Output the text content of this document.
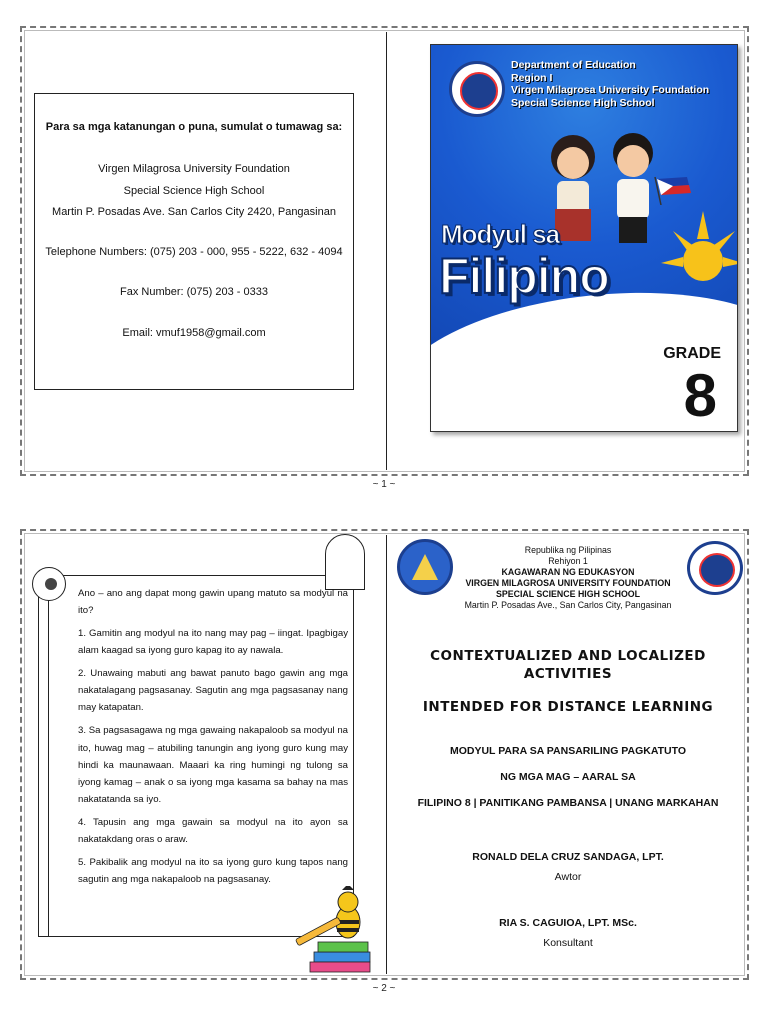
Para sa mga katanungan o puna, sumulat o tumawag sa:
Virgen Milagrosa University Foundation
Special Science High School
Martin P. Posadas Ave. San Carlos City 2420, Pangasinan
Telephone Numbers: (075) 203 - 000, 955 - 5222, 632 - 4094
Fax Number: (075) 203 - 0333
Email: vmuf1958@gmail.com
Department of Education
Region I
Virgen Milagrosa University Foundation
Special Science High School
Modyul sa
Filipino
GRADE
8
~ 1 ~

Ano – ano ang dapat mong gawin upang matuto sa modyul na ito?

1. Gamitin ang modyul na ito nang may pag – iingat. Ipagbigay alam kaagad sa iyong guro kapag ito ay nawala.

2. Unawaing mabuti ang bawat panuto bago gawin ang mga nakatalagang pagsasanay. Sagutin ang mga pagsasanay nang may katapatan.

3. Sa pagsasagawa ng mga gawaing nakapaloob sa modyul na ito, huwag mag – atubiling tanungin ang iyong guro kung may hindi ka maunawaan. Maaari ka ring humingi ng tulong sa iyong kamag – anak o sa iyong mga kasama sa bahay na mas nakatatanda sa iyo.

4. Tapusin ang mga gawain sa modyul na ito ayon sa nakatakdang oras o araw.

5. Pakibalik ang modyul na ito sa iyong guro kung tapos nang sagutin ang mga nakapaloob na pagsasanay.

Republika ng Pilipinas
Rehiyon 1
KAGAWARAN NG EDUKASYON
VIRGEN MILAGROSA UNIVERSITY FOUNDATION
SPECIAL SCIENCE HIGH SCHOOL
Martin P. Posadas Ave., San Carlos City, Pangasinan
CONTEXTUALIZED AND LOCALIZED
ACTIVITIES
INTENDED FOR DISTANCE LEARNING
MODYUL PARA SA PANSARILING PAGKATUTO
NG MGA MAG – AARAL SA
FILIPINO 8 | PANITIKANG PAMBANSA | UNANG MARKAHAN
RONALD DELA CRUZ SANDAGA, LPT.
Awtor
RIA S. CAGUIOA, LPT. MSc.
Konsultant
~ 2 ~
